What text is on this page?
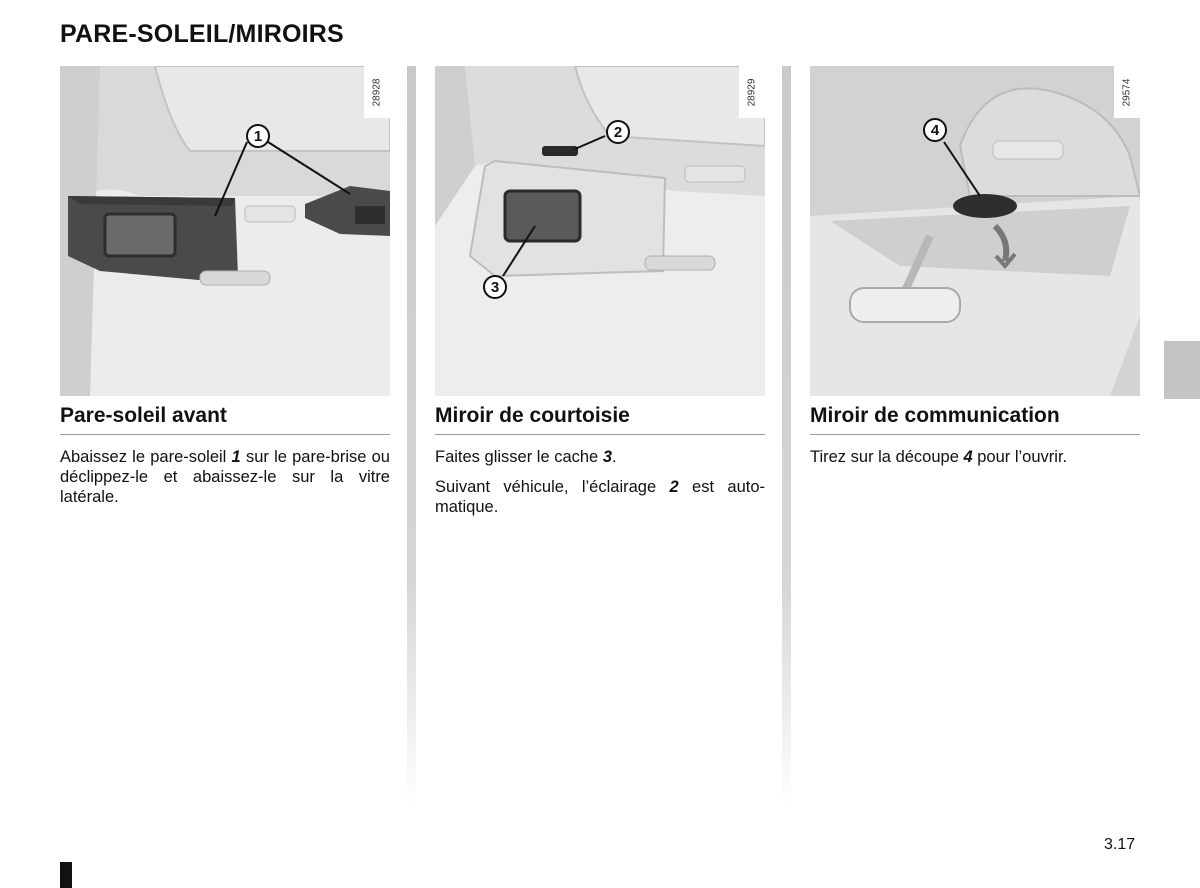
PARE-SOLEIL/MIROIRS
1
28928
Pare-soleil avant

Abaissez le pare-soleil 1 sur le pare-brise ou déclippez-le et abaissez-le sur la vitre latérale.

2
3
28929
Miroir de courtoisie

Faites glisser le cache 3.

Suivant véhicule, l’éclairage 2 est auto-matique.

4
29574
Miroir de communication

Tirez sur la découpe 4 pour l’ouvrir.

3.17
